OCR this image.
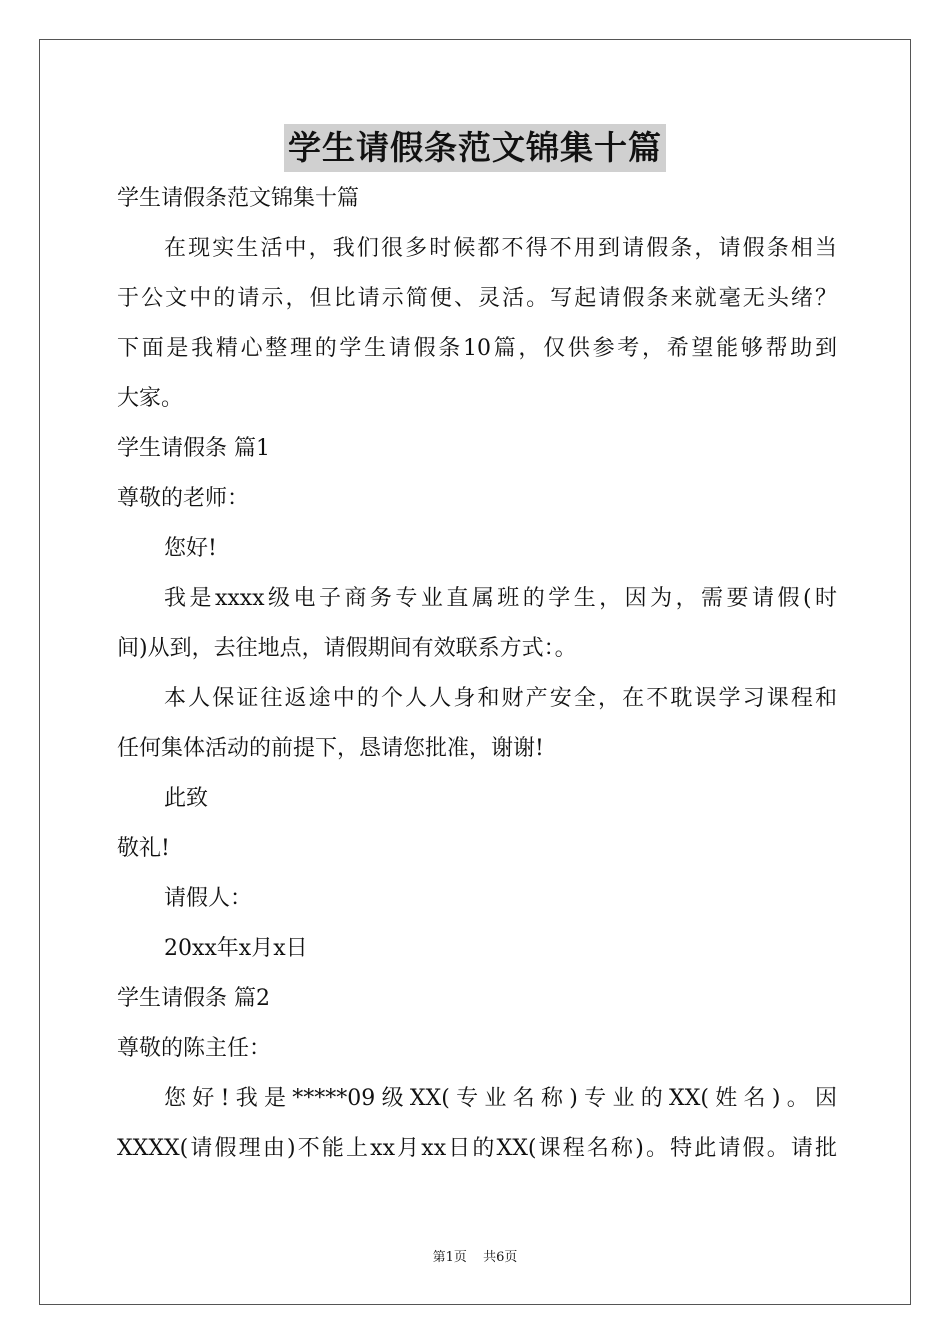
学生请假条范文锦集十篇
学生请假条范文锦集十篇
在现实生活中，我们很多时候都不得不用到请假条，请假条相当
于公文中的请示，但比请示简便、灵活。写起请假条来就毫无头绪？
下面是我精心整理的学生请假条10篇，仅供参考，希望能够帮助到
大家。
学生请假条 篇1
尊敬的老师：
您好!
我是xxxx级电子商务专业直属班的学生，因为，需要请假(时
间)从到，去往地点，请假期间有效联系方式：。
本人保证往返途中的个人人身和财产安全，在不耽误学习课程和
任何集体活动的前提下，恳请您批准，谢谢!
此致
敬礼!
请假人：
20xx年x月x日
学生请假条 篇2
尊敬的陈主任：
您好!我是*****09级XX(专业名称)专业的XX(姓名)。因
XXXX(请假理由)不能上xx月xx日的XX(课程名称)。特此请假。请批
第1页 共6页
